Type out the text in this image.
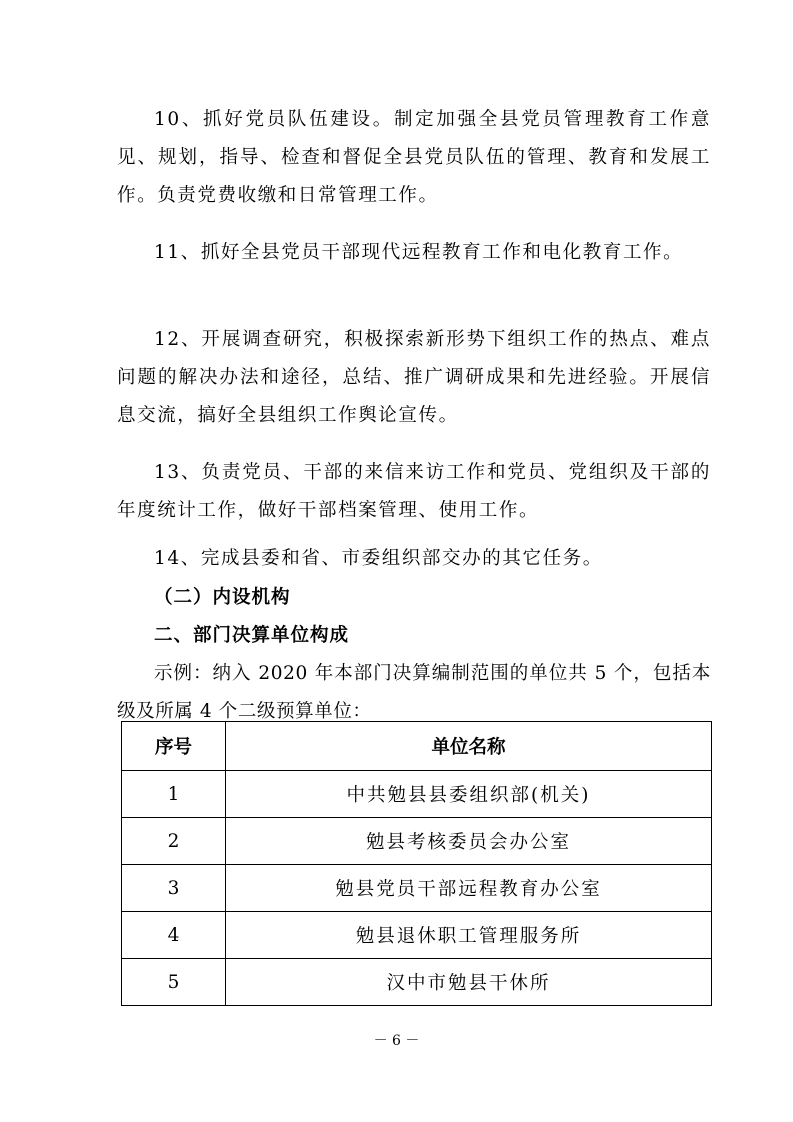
10、抓好党员队伍建设。制定加强全县党员管理教育工作意见、规划，指导、检查和督促全县党员队伍的管理、教育和发展工作。负责党费收缴和日常管理工作。

11、抓好全县党员干部现代远程教育工作和电化教育工作。

12、开展调查研究，积极探索新形势下组织工作的热点、难点问题的解决办法和途径，总结、推广调研成果和先进经验。开展信息交流，搞好全县组织工作舆论宣传。

13、负责党员、干部的来信来访工作和党员、党组织及干部的年度统计工作，做好干部档案管理、使用工作。

14、完成县委和省、市委组织部交办的其它任务。

（二）内设机构
二、部门决算单位构成

示例：纳入 2020 年本部门决算编制范围的单位共 5 个，包括本级及所属 4 个二级预算单位：

序号	单位名称
1	中共勉县县委组织部(机关)
2	勉县考核委员会办公室
3	勉县党员干部远程教育办公室
4	勉县退休职工管理服务所
5	汉中市勉县干休所
－ 6 －
